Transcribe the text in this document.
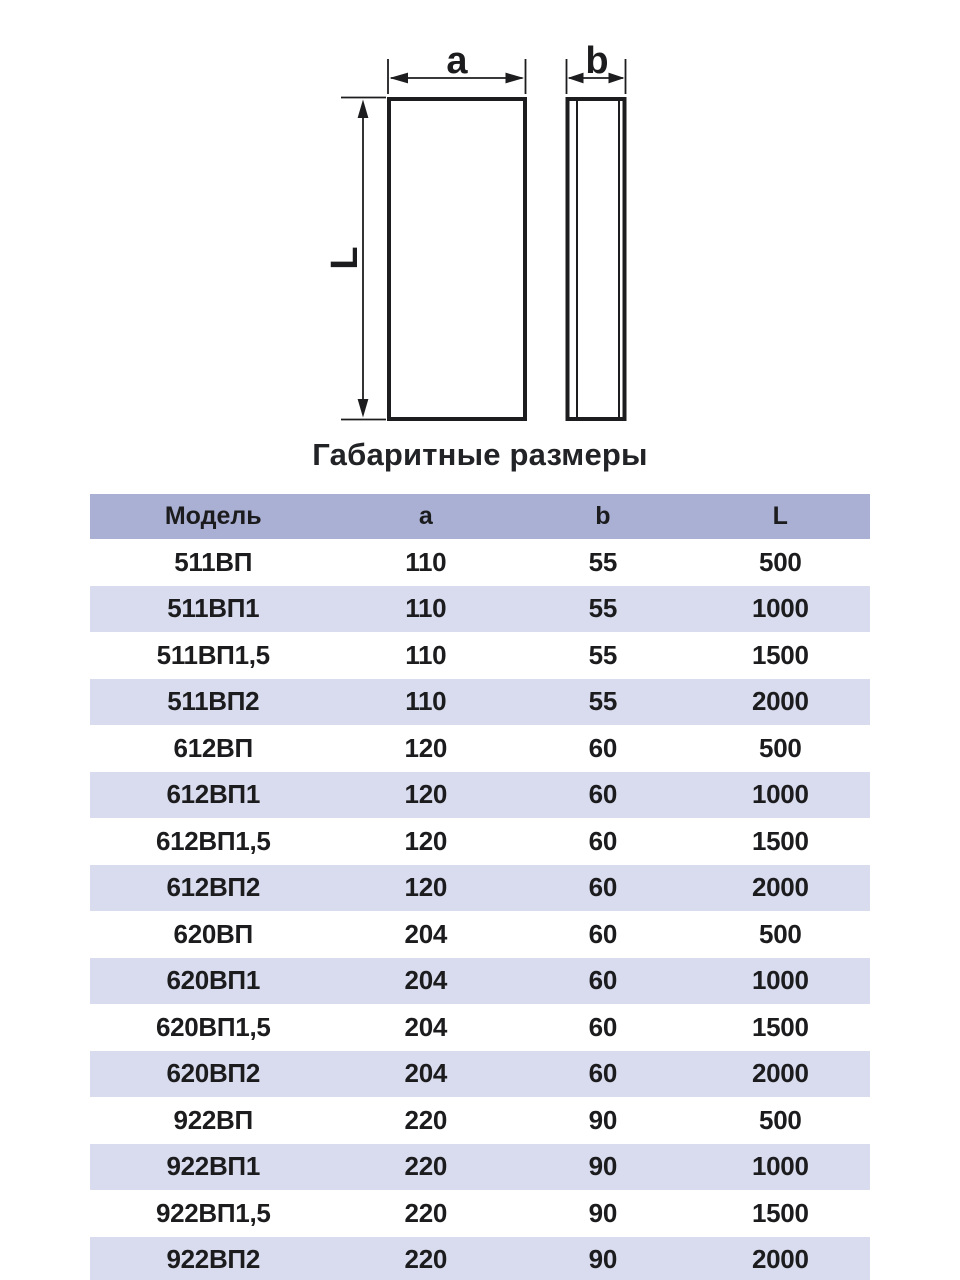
a	b
L
Габаритные размеры
Модель	a	b	L
511ВП	110	55	500
511ВП1	110	55	1000
511ВП1,5	110	55	1500
511ВП2	110	55	2000
612ВП	120	60	500
612ВП1	120	60	1000
612ВП1,5	120	60	1500
612ВП2	120	60	2000
620ВП	204	60	500
620ВП1	204	60	1000
620ВП1,5	204	60	1500
620ВП2	204	60	2000
922ВП	220	90	500
922ВП1	220	90	1000
922ВП1,5	220	90	1500
922ВП2	220	90	2000
